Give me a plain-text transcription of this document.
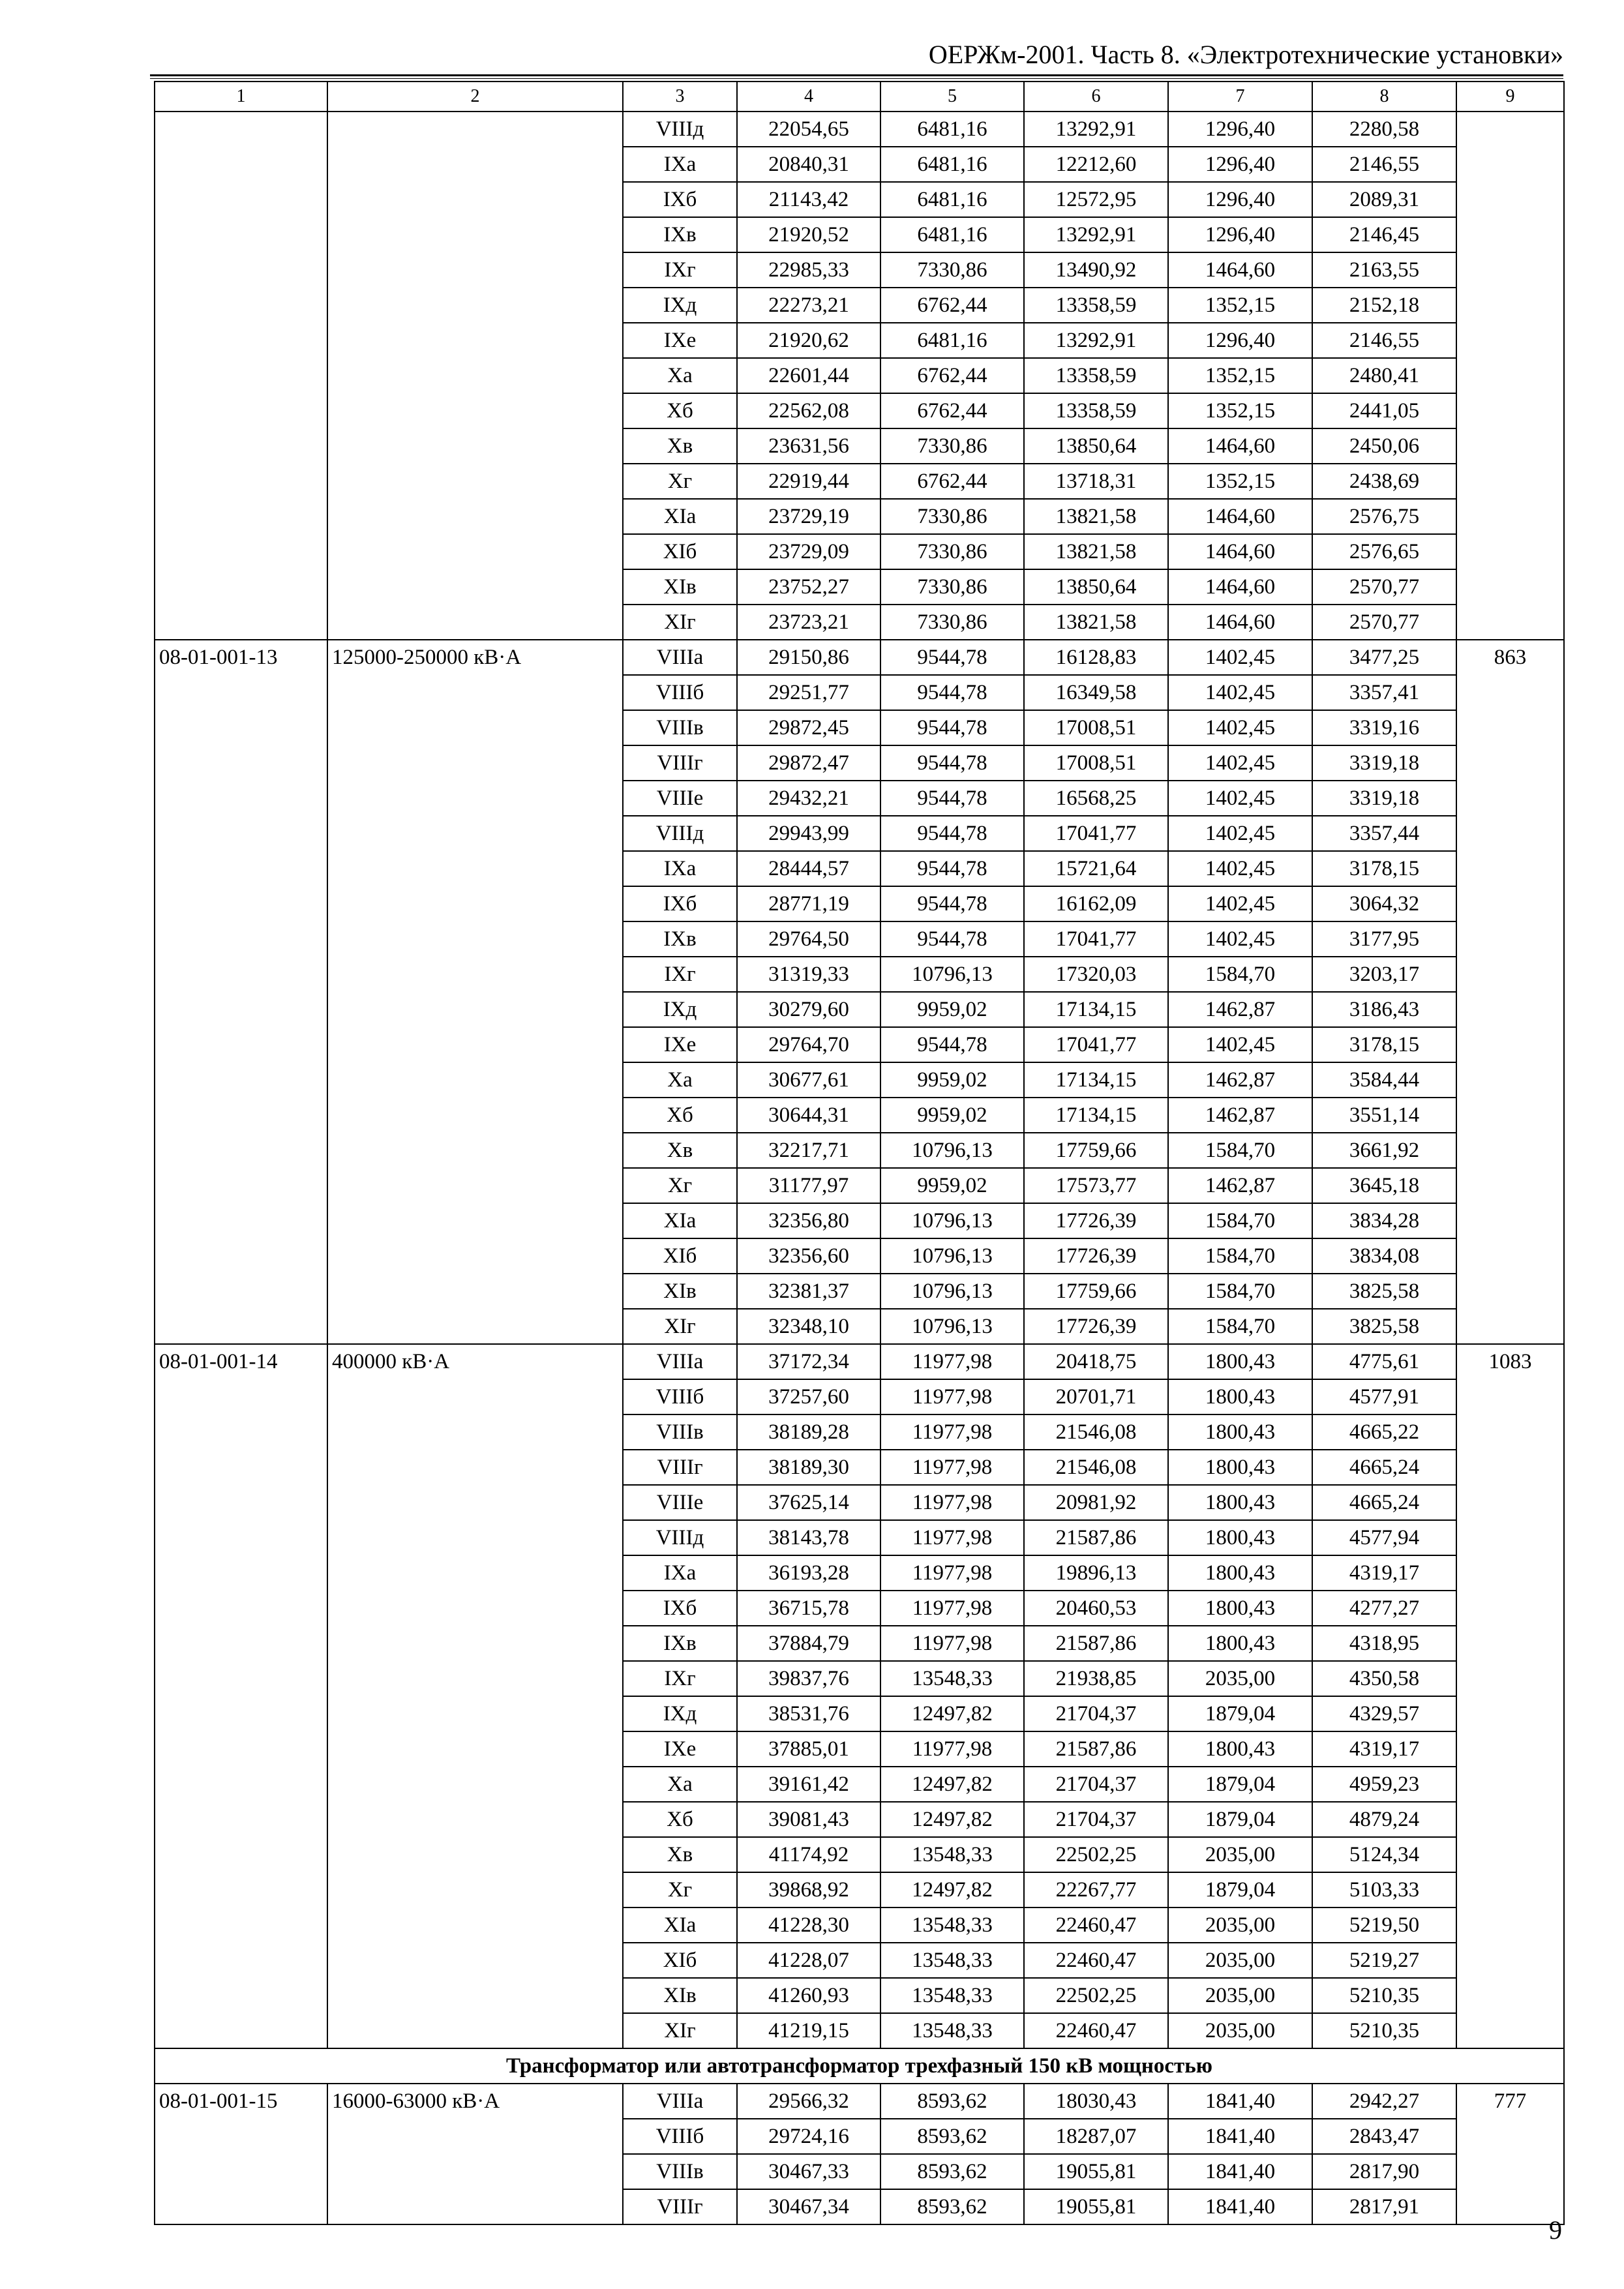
ОЕРЖм-2001. Часть 8. «Электротехнические установки»
1	2	3	4	5	6	7	8	9
		VIIIд	22054,65	6481,16	13292,91	1296,40	2280,58	
		IXа	20840,31	6481,16	12212,60	1296,40	2146,55	
		IXб	21143,42	6481,16	12572,95	1296,40	2089,31	
		IXв	21920,52	6481,16	13292,91	1296,40	2146,45	
		IXг	22985,33	7330,86	13490,92	1464,60	2163,55	
		IXд	22273,21	6762,44	13358,59	1352,15	2152,18	
		IXе	21920,62	6481,16	13292,91	1296,40	2146,55	
		Xа	22601,44	6762,44	13358,59	1352,15	2480,41	
		Xб	22562,08	6762,44	13358,59	1352,15	2441,05	
		Xв	23631,56	7330,86	13850,64	1464,60	2450,06	
		Xг	22919,44	6762,44	13718,31	1352,15	2438,69	
		XIа	23729,19	7330,86	13821,58	1464,60	2576,75	
		XIб	23729,09	7330,86	13821,58	1464,60	2576,65	
		XIв	23752,27	7330,86	13850,64	1464,60	2570,77	
		XIг	23723,21	7330,86	13821,58	1464,60	2570,77	
08-01-001-13	125000-250000 кВ·А	VIIIа	29150,86	9544,78	16128,83	1402,45	3477,25	863
		VIIIб	29251,77	9544,78	16349,58	1402,45	3357,41	
		VIIIв	29872,45	9544,78	17008,51	1402,45	3319,16	
		VIIIг	29872,47	9544,78	17008,51	1402,45	3319,18	
		VIIIе	29432,21	9544,78	16568,25	1402,45	3319,18	
		VIIIд	29943,99	9544,78	17041,77	1402,45	3357,44	
		IXа	28444,57	9544,78	15721,64	1402,45	3178,15	
		IXб	28771,19	9544,78	16162,09	1402,45	3064,32	
		IXв	29764,50	9544,78	17041,77	1402,45	3177,95	
		IXг	31319,33	10796,13	17320,03	1584,70	3203,17	
		IXд	30279,60	9959,02	17134,15	1462,87	3186,43	
		IXе	29764,70	9544,78	17041,77	1402,45	3178,15	
		Xа	30677,61	9959,02	17134,15	1462,87	3584,44	
		Xб	30644,31	9959,02	17134,15	1462,87	3551,14	
		Xв	32217,71	10796,13	17759,66	1584,70	3661,92	
		Xг	31177,97	9959,02	17573,77	1462,87	3645,18	
		XIа	32356,80	10796,13	17726,39	1584,70	3834,28	
		XIб	32356,60	10796,13	17726,39	1584,70	3834,08	
		XIв	32381,37	10796,13	17759,66	1584,70	3825,58	
		XIг	32348,10	10796,13	17726,39	1584,70	3825,58	
08-01-001-14	400000 кВ·А	VIIIа	37172,34	11977,98	20418,75	1800,43	4775,61	1083
		VIIIб	37257,60	11977,98	20701,71	1800,43	4577,91	
		VIIIв	38189,28	11977,98	21546,08	1800,43	4665,22	
		VIIIг	38189,30	11977,98	21546,08	1800,43	4665,24	
		VIIIе	37625,14	11977,98	20981,92	1800,43	4665,24	
		VIIIд	38143,78	11977,98	21587,86	1800,43	4577,94	
		IXа	36193,28	11977,98	19896,13	1800,43	4319,17	
		IXб	36715,78	11977,98	20460,53	1800,43	4277,27	
		IXв	37884,79	11977,98	21587,86	1800,43	4318,95	
		IXг	39837,76	13548,33	21938,85	2035,00	4350,58	
		IXд	38531,76	12497,82	21704,37	1879,04	4329,57	
		IXе	37885,01	11977,98	21587,86	1800,43	4319,17	
		Xа	39161,42	12497,82	21704,37	1879,04	4959,23	
		Xб	39081,43	12497,82	21704,37	1879,04	4879,24	
		Xв	41174,92	13548,33	22502,25	2035,00	5124,34	
		Xг	39868,92	12497,82	22267,77	1879,04	5103,33	
		XIа	41228,30	13548,33	22460,47	2035,00	5219,50	
		XIб	41228,07	13548,33	22460,47	2035,00	5219,27	
		XIв	41260,93	13548,33	22502,25	2035,00	5210,35	
		XIг	41219,15	13548,33	22460,47	2035,00	5210,35	
Трансформатор или автотрансформатор трехфазный 150 кВ мощностью								
08-01-001-15	16000-63000 кВ·А	VIIIа	29566,32	8593,62	18030,43	1841,40	2942,27	777
		VIIIб	29724,16	8593,62	18287,07	1841,40	2843,47	
		VIIIв	30467,33	8593,62	19055,81	1841,40	2817,90	
		VIIIг	30467,34	8593,62	19055,81	1841,40	2817,91	
9
